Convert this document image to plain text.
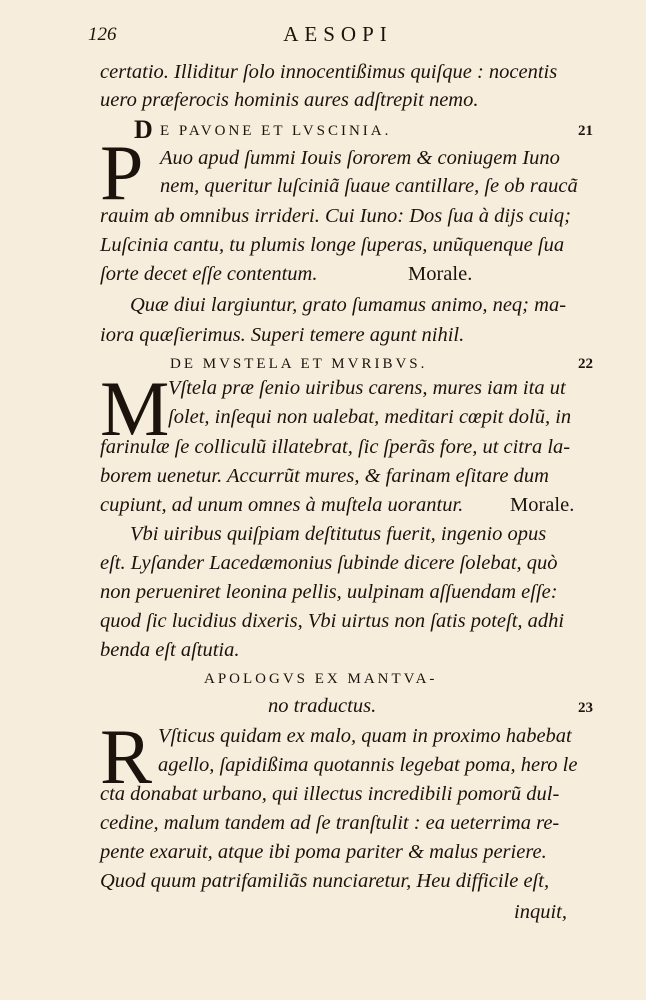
126	AESOPI
certatio. Illiditur ſolo innocentißimus quiſque : nocentis
uero præferocis hominis aures adſtrepit nemo.
D E PAVONE ET LVSCINIA.	21
P Auo apud ſummi Iouis ſororem & coniugem Iuno
nem, queritur luſciniã ſuaue cantillare, ſe ob raucã
rauim ab omnibus irrideri. Cui Iuno: Dos ſua à dijs cuiq;
Luſcinia cantu, tu plumis longe ſuperas, unũquenque ſua
ſorte decet eſſe contentum.	Morale.
Quæ diui largiuntur, grato ſumamus animo, neq; ma-
iora quæſierimus. Superi temere agunt nihil.
DE MVSTELA ET MVRIBVS.	22
M
Vſtela præ ſenio uiribus carens, mures iam ita ut
ſolet, inſequi non ualebat, meditari cœpit dolũ, in
farinulæ ſe colliculũ illatebrat, ſic ſperãs fore, ut citra la-
borem uenetur. Accurrũt mures, & farinam eſitare dum
cupiunt, ad unum omnes à muſtela uorantur. Morale.
Vbi uiribus quiſpiam deſtitutus fuerit, ingenio opus
eſt. Lyſander Lacedæmonius ſubinde dicere ſolebat, quò
non perueniret leonina pellis, uulpinam aſſuendam eſſe:
quod ſic lucidius dixeris, Vbi uirtus non ſatis poteſt, adhi
benda eſt aſtutia.
APOLOGVS EX MANTVA-
no traductus.	23
R Vſticus quidam ex malo, quam in proximo habebat
agello, ſapidißima quotannis legebat poma, hero le
cta donabat urbano, qui illectus incredibili pomorũ dul-
cedine, malum tandem ad ſe tranſtulit : ea ueterrima re-
pente exaruit, atque ibi poma pariter & malus periere.
Quod quum patrifamiliãs nunciaretur, Heu difficile eſt,
inquit,
